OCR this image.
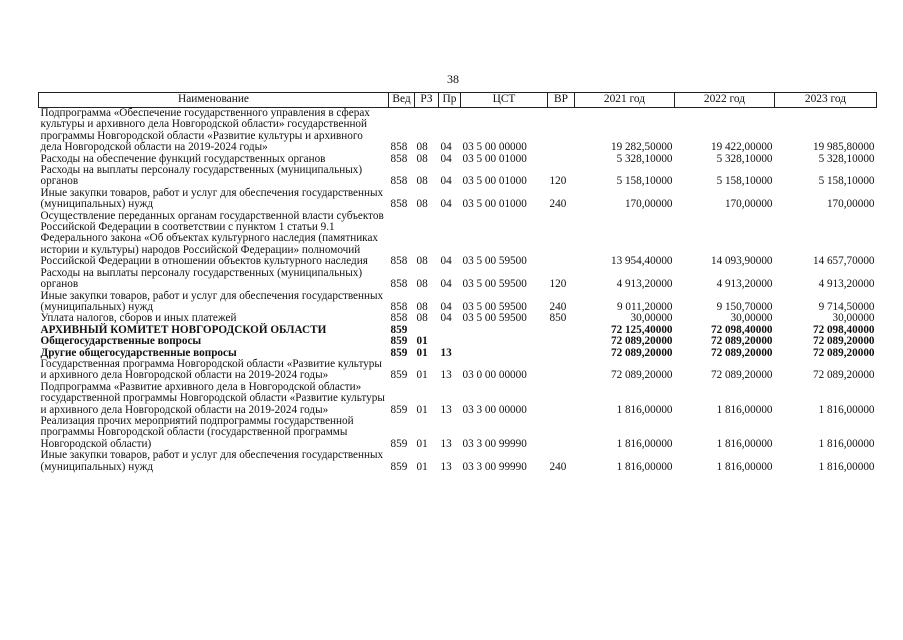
38
Наименование	Вед	РЗ	Пр	ЦСТ	ВР	2021 год	2022 год	2023 год
Подпрограмма «Обеспечение государственного управления в сферах культуры и архивного дела Новгородской области» государственной программы Новгородской области «Развитие культуры и архивного дела Новгородской области на 2019-2024 годы»	858	08	04	03 5 00 00000		19 282,50000	19 422,00000	19 985,80000
Расходы на обеспечение функций государственных органов	858	08	04	03 5 00 01000		5 328,10000	5 328,10000	5 328,10000
Расходы на выплаты персоналу государственных (муниципальных) органов	858	08	04	03 5 00 01000	120	5 158,10000	5 158,10000	5 158,10000
Иные закупки товаров, работ и услуг для обеспечения государственных (муниципальных) нужд	858	08	04	03 5 00 01000	240	170,00000	170,00000	170,00000
Осуществление переданных органам государственной власти субъектов Российской Федерации в соответствии с пунктом 1 статьи 9.1 Федерального закона «Об объектах культурного наследия (памятниках истории и культуры) народов Российской Федерации» полномочий Российской Федерации в отношении объектов культурного наследия	858	08	04	03 5 00 59500		13 954,40000	14 093,90000	14 657,70000
Расходы на выплаты персоналу государственных (муниципальных) органов	858	08	04	03 5 00 59500	120	4 913,20000	4 913,20000	4 913,20000
Иные закупки товаров, работ и услуг для обеспечения государственных (муниципальных) нужд	858	08	04	03 5 00 59500	240	9 011,20000	9 150,70000	9 714,50000
Уплата налогов, сборов и иных платежей	858	08	04	03 5 00 59500	850	30,00000	30,00000	30,00000
АРХИВНЫЙ КОМИТЕТ НОВГОРОДСКОЙ ОБЛАСТИ	859					72 125,40000	72 098,40000	72 098,40000
Общегосударственные вопросы	859	01				72 089,20000	72 089,20000	72 089,20000
Другие общегосударственные вопросы	859	01	13			72 089,20000	72 089,20000	72 089,20000
Государственная программа Новгородской области «Развитие культуры и архивного дела Новгородской области на 2019-2024 годы»	859	01	13	03 0 00 00000		72 089,20000	72 089,20000	72 089,20000
Подпрограмма «Развитие архивного дела в Новгородской области» государственной программы Новгородской области «Развитие культуры и архивного дела Новгородской области на 2019-2024 годы»	859	01	13	03 3 00 00000		1 816,00000	1 816,00000	1 816,00000
Реализация прочих мероприятий подпрограммы государственной программы Новгородской области (государственной программы Новгородской области)	859	01	13	03 3 00 99990		1 816,00000	1 816,00000	1 816,00000
Иные закупки товаров, работ и услуг для обеспечения государственных (муниципальных) нужд	859	01	13	03 3 00 99990	240	1 816,00000	1 816,00000	1 816,00000
